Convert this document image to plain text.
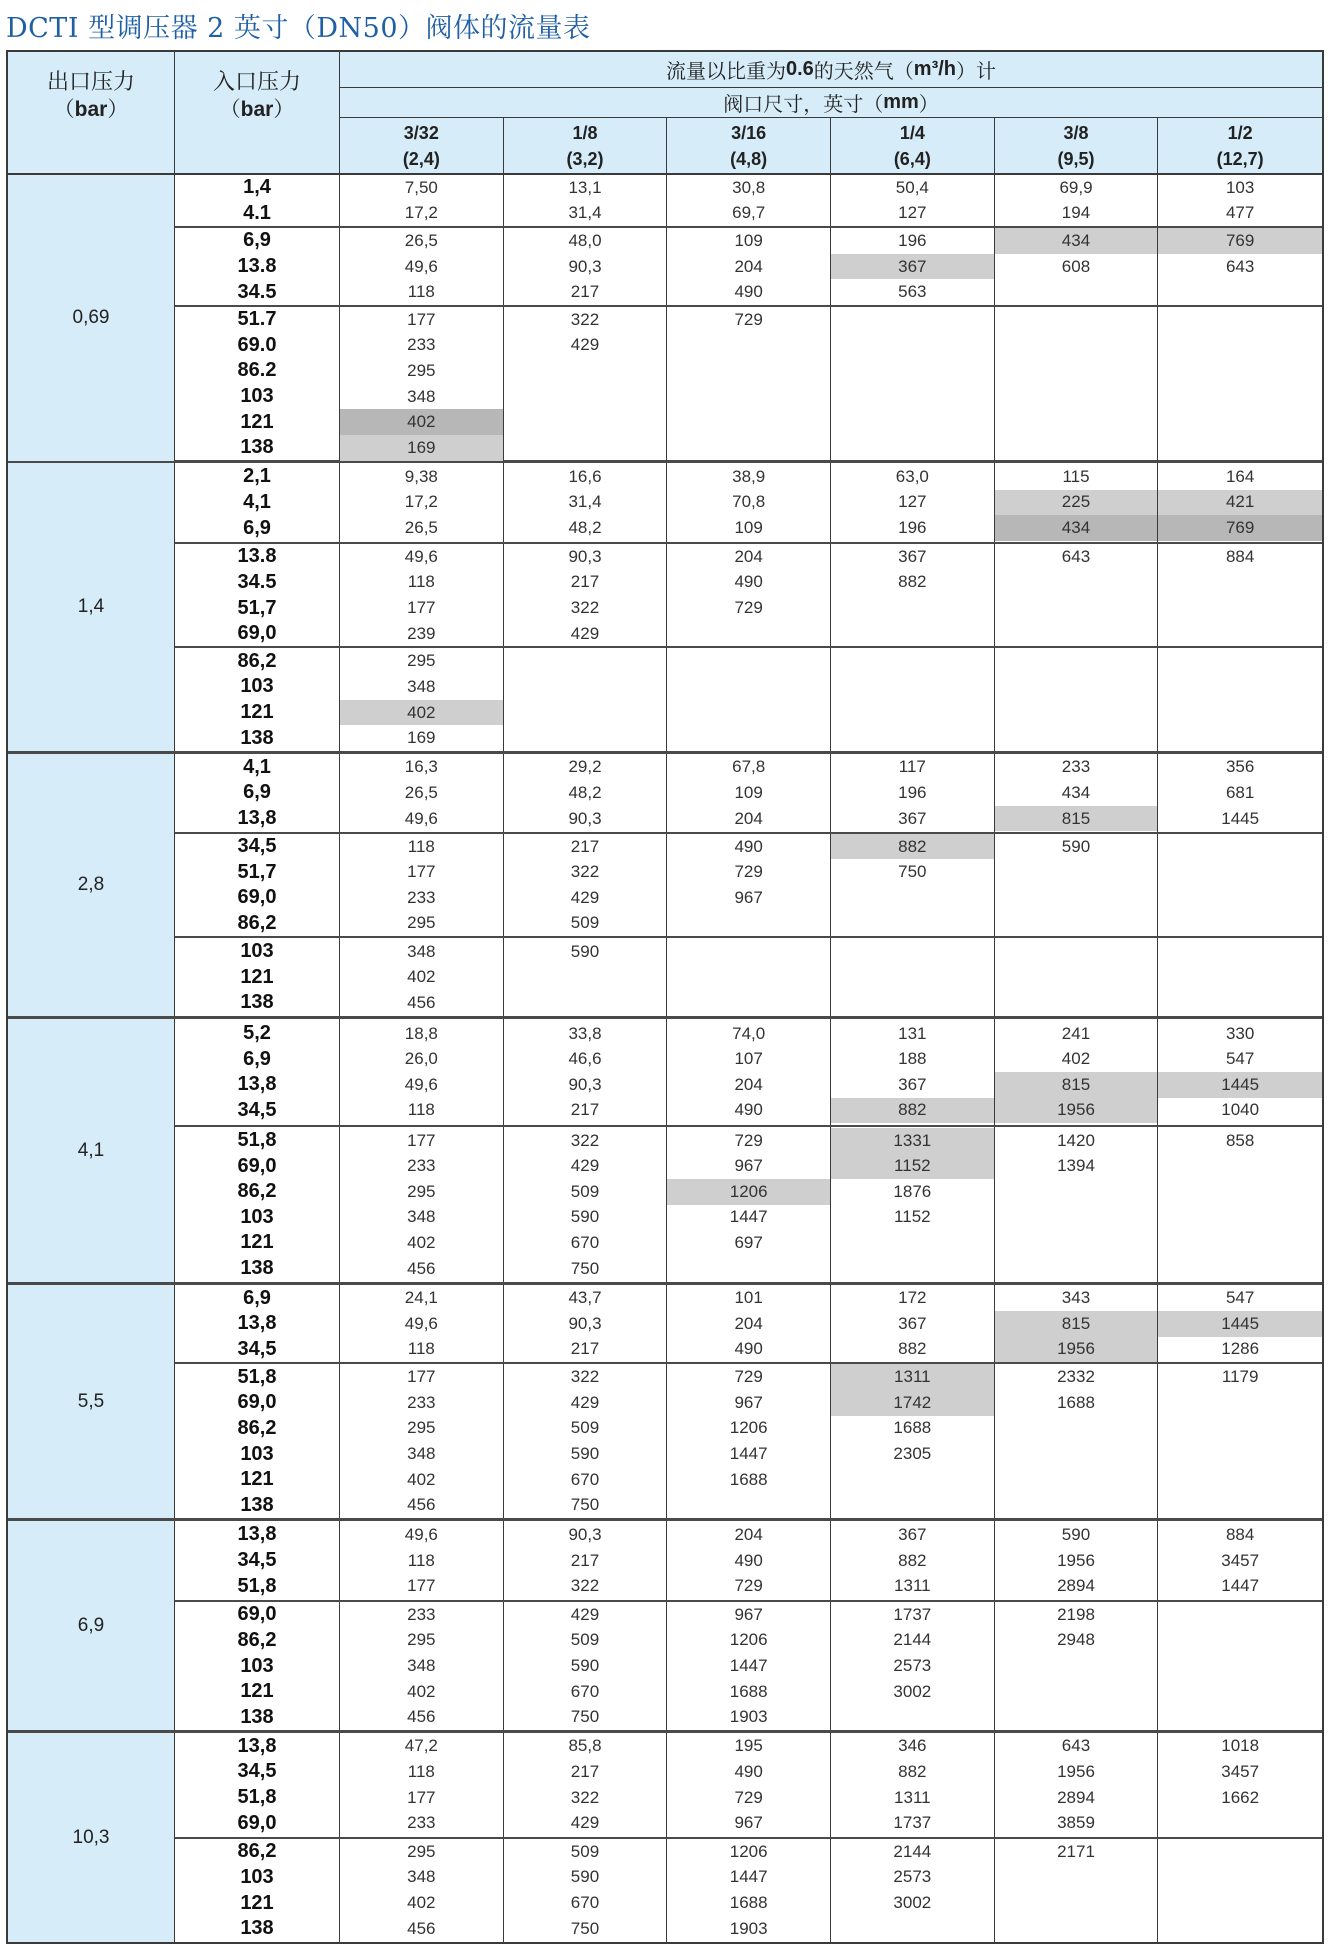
DCTI 型调压器 2 英寸（DN50）阀体的流量表
出口压力
（bar）
入口压力
（bar）
流量以比重为 0.6 的天然气（ m³/h ）计
阀口尺寸，英寸（ mm ）
3/32
(2,4)
1/8
(3,2)
3/16
(4,8)
1/4
(6,4)
3/8
(9,5)
1/2
(12,7)
0,69
1,4
4.1
7,50
17,2
13,1
31,4
30,8
69,7
50,4
127
69,9
194
103
477
6,9
13.8
34.5
26,5
49,6
118
48,0
90,3
217
109
204
490
196
367
563
434
608
769
643
51.7
69.0
86.2
103
121
138
177
233
295
348
402
169
322
429
729
1,4
2,1
4,1
6,9
9,38
17,2
26,5
16,6
31,4
48,2
38,9
70,8
109
63,0
127
196
115
225
434
164
421
769
13.8
34.5
51,7
69,0
49,6
118
177
239
90,3
217
322
429
204
490
729
367
882
643	884
86,2
103
121
138
295
348
402
169
2,8
4,1
6,9
13,8
16,3
26,5
49,6
29,2
48,2
90,3
67,8
109
204
117
196
367
233
434
815
356
681
1445
34,5
51,7
69,0
86,2
118
177
233
295
217
322
429
509
490
729
967
882
750
590
103
121
138
348
402
456
590
4,1
5,2
6,9
13,8
34,5
18,8
26,0
49,6
118
33,8
46,6
90,3
217
74,0
107
204
490
131
188
367
882
241
402
815
1956
330
547
1445
1040
51,8
69,0
86,2
103
121
138
177
233
295
348
402
456
322
429
509
590
670
750
729
967
1206
1447
697
1331
1152
1876
1152
1420
1394
858
5,5
6,9
13,8
34,5
24,1
49,6
118
43,7
90,3
217
101
204
490
172
367
882
343
815
1956
547
1445
1286
51,8
69,0
86,2
103
121
138
177
233
295
348
402
456
322
429
509
590
670
750
729
967
1206
1447
1688
1311
1742
1688
2305
2332
1688
1179
6,9
13,8
34,5
51,8
49,6
118
177
90,3
217
322
204
490
729
367
882
1311
590
1956
2894
884
3457
1447
69,0
86,2
103
121
138
233
295
348
402
456
429
509
590
670
750
967
1206
1447
1688
1903
1737
2144
2573
3002
2198
2948
10,3
13,8
34,5
51,8
69,0
47,2
118
177
233
85,8
217
322
429
195
490
729
967
346
882
1311
1737
643
1956
2894
3859
1018
3457
1662
86,2
103
121
138
295
348
402
456
509
590
670
750
1206
1447
1688
1903
2144
2573
3002
2171
